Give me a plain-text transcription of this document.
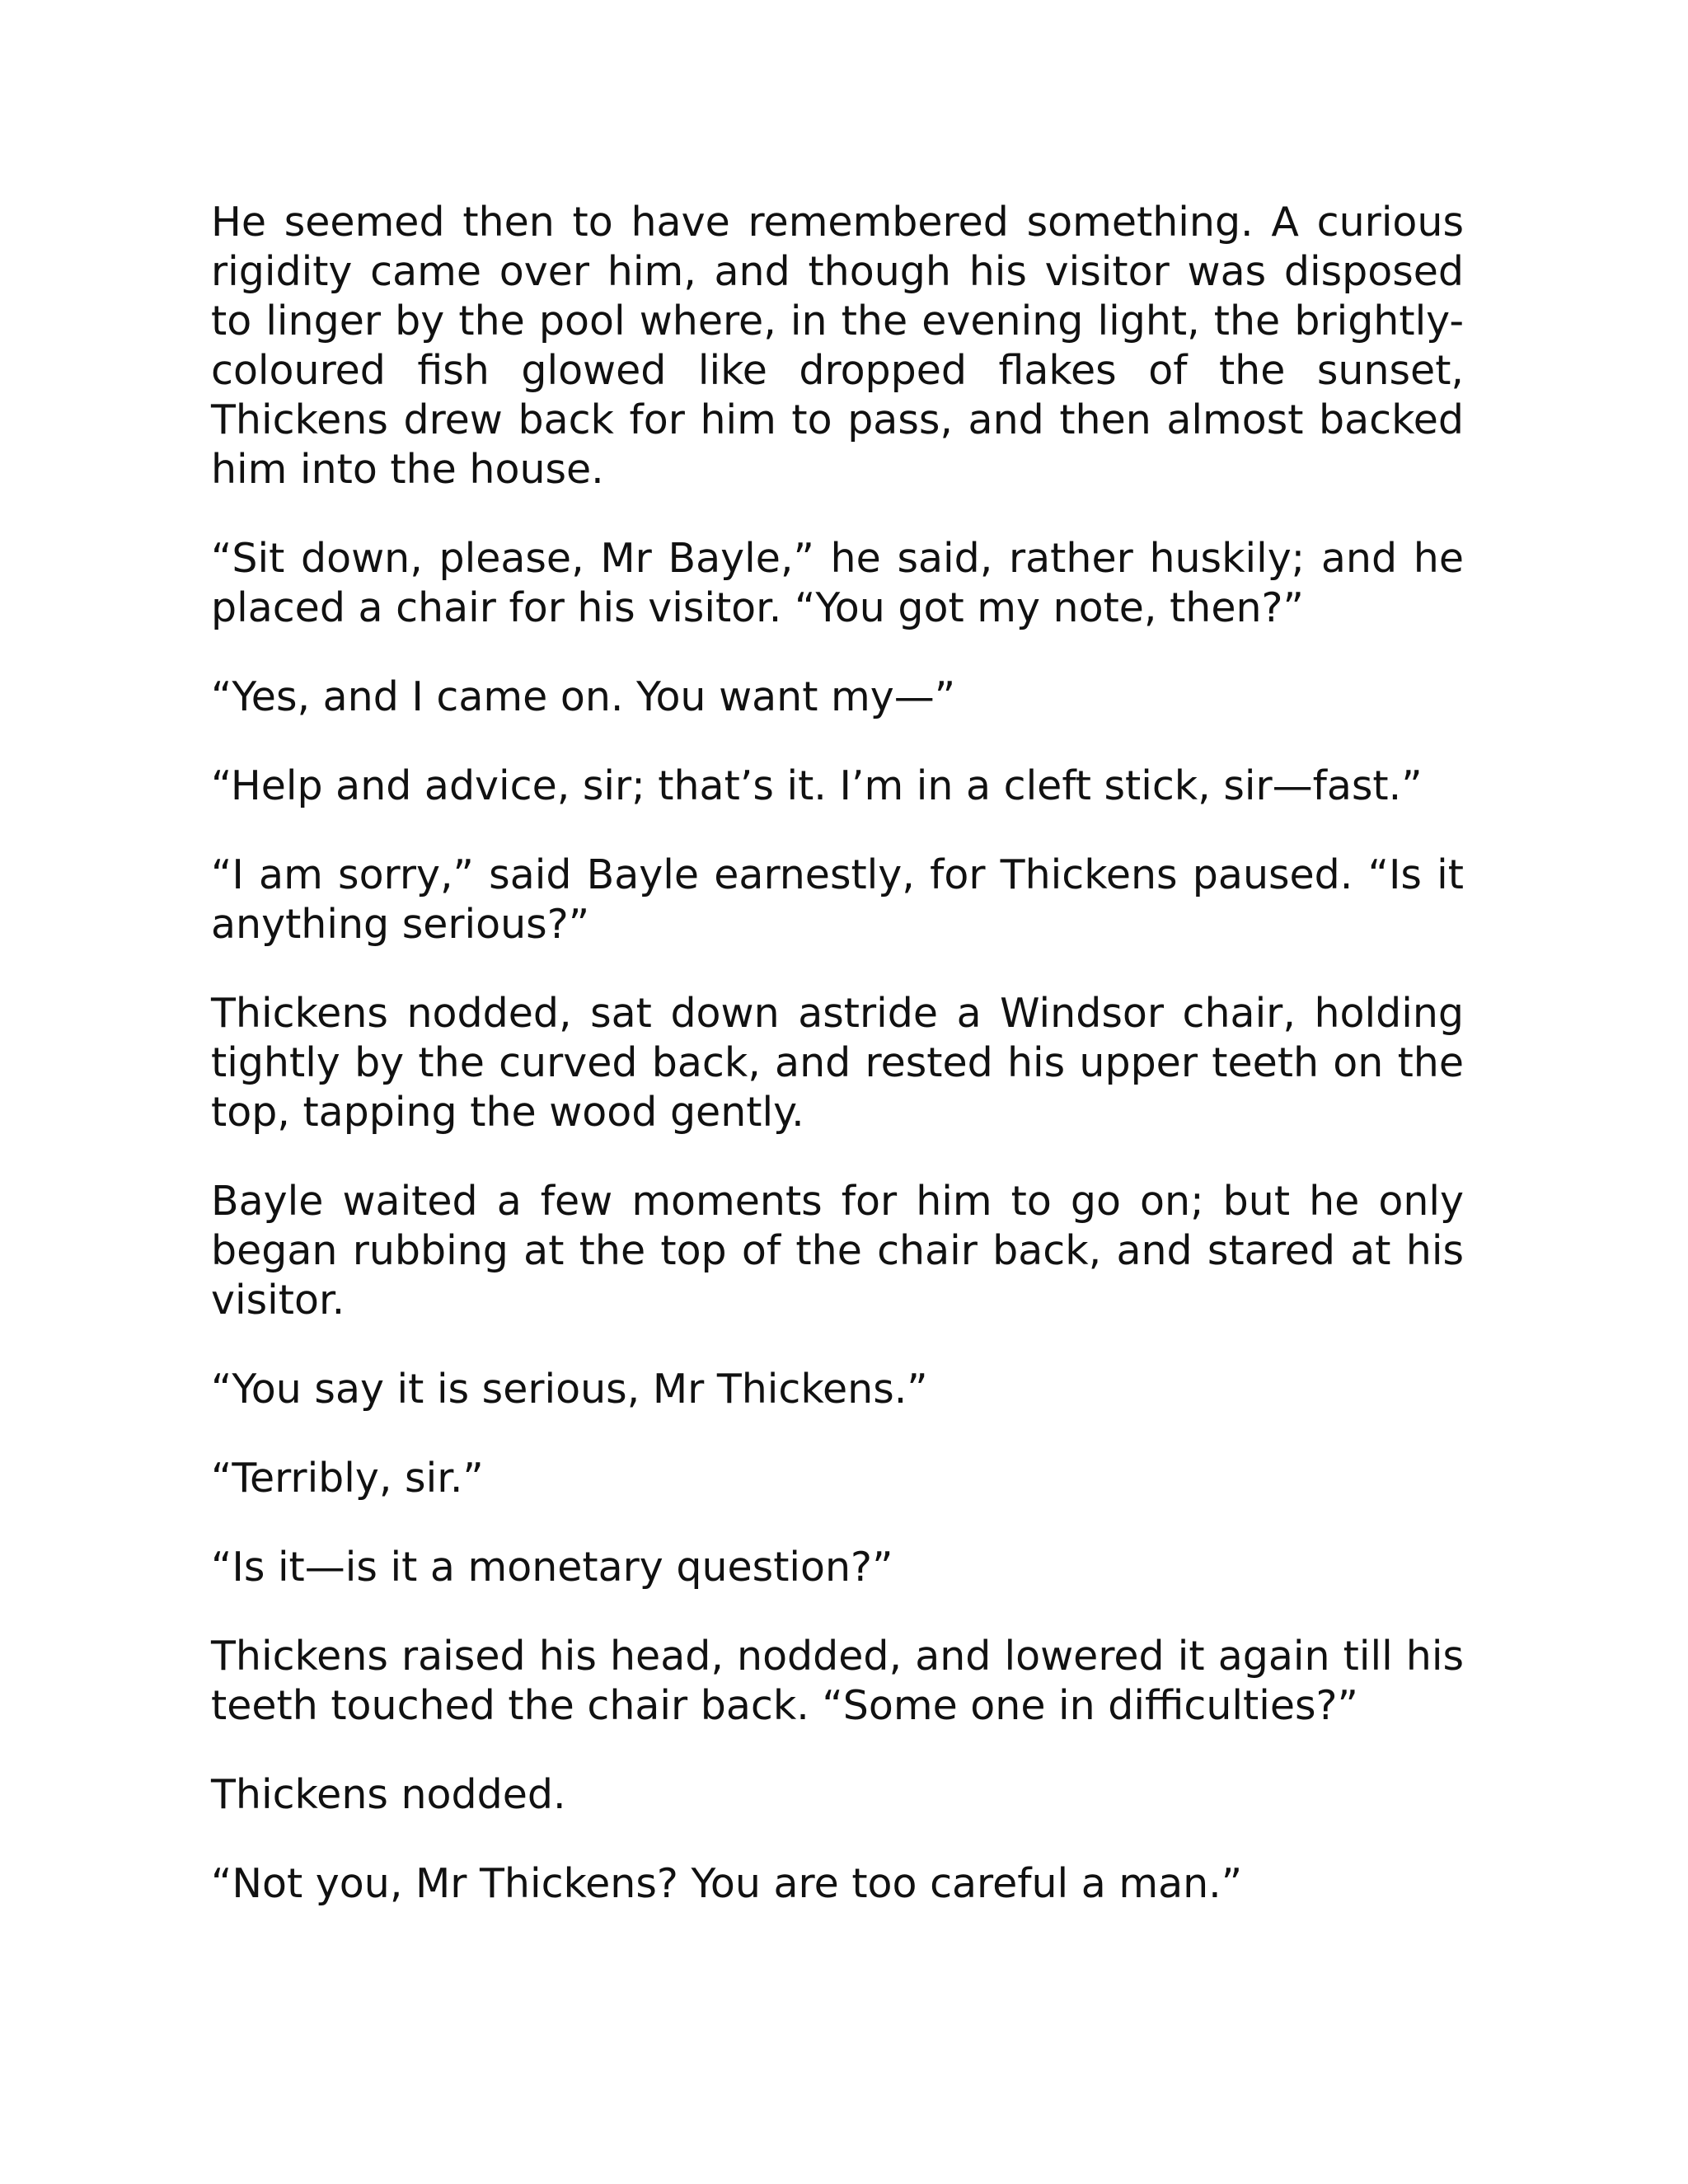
He seemed then to have remembered something. A curious rigidity came over him, and though his visitor was disposed to linger by the pool where, in the evening light, the brightly-coloured fish glowed like dropped flakes of the sunset, Thickens drew back for him to pass, and then almost backed him into the house.

“Sit down, please, Mr Bayle,” he said, rather huskily; and he placed a chair for his visitor. “You got my note, then?”

“Yes, and I came on. You want my—”

“Help and advice, sir; that’s it. I’m in a cleft stick, sir—fast.”

“I am sorry,” said Bayle earnestly, for Thickens paused. “Is it anything serious?”

Thickens nodded, sat down astride a Windsor chair, holding tightly by the curved back, and rested his upper teeth on the top, tapping the wood gently.

Bayle waited a few moments for him to go on; but he only began rubbing at the top of the chair back, and stared at his visitor.

“You say it is serious, Mr Thickens.”

“Terribly, sir.”

“Is it—is it a monetary question?”

Thickens raised his head, nodded, and lowered it again till his teeth touched the chair back. “Some one in difficulties?”

Thickens nodded.

“Not you, Mr Thickens? You are too careful a man.”
